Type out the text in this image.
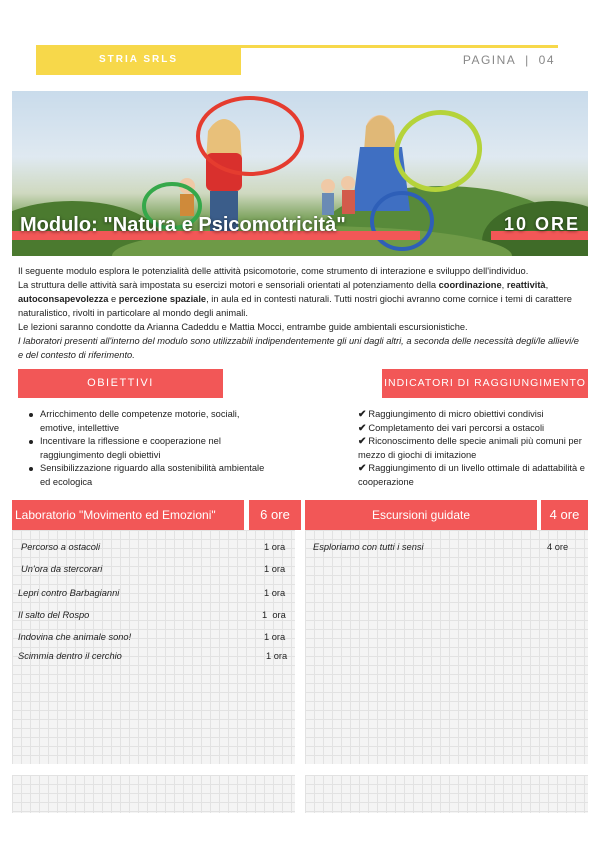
STRIA SRLS	PAGINA | 04
Modulo: "Natura e Psicomotricità"	10 ORE

Il seguente modulo esplora le potenzialità delle attività psicomotorie, come strumento di interazione e sviluppo dell'individuo.

La struttura delle attività sarà impostata su esercizi motori e sensoriali orientati al potenziamento della coordinazione, reattività, autoconsapevolezza e percezione spaziale, in aula ed in contesti naturali. Tutti nostri giochi avranno come cornice i temi di carattere naturalistico, rivolti in particolare al mondo degli animali.

Le lezioni saranno condotte da Arianna Cadeddu e Mattia Mocci, entrambe guide ambientali escursionistiche.

I laboratori presenti all'interno del modulo sono utilizzabili indipendentemente gli uni dagli altri, a seconda delle necessità degli/le allievi/e e del contesto di riferimento.

OBIETTIVI	INDICATORI DI RAGGIUNGIMENTO
Arricchimento delle competenze motorie, sociali, emotive, intellettive
Incentivare la riflessione e cooperazione nel raggiungimento degli obiettivi
Sensibilizzazione riguardo alla sostenibilità ambientale ed ecologica
✔ Raggiungimento di micro obiettivi condivisi
✔ Completamento dei vari percorsi a ostacoli
✔ Riconoscimento delle specie animali più comuni per mezzo di giochi di imitazione
✔ Raggiungimento di un livello ottimale di adattabilità e cooperazione
Laboratorio "Movimento ed Emozioni"	6 ore	Escursioni guidate	4 ore
Percorso a ostacoli	1 ora
Un'ora da stercorari	1 ora
Lepri contro Barbagianni	1 ora
Il salto del Rospo	1  ora
Indovina che animale sono!	1 ora
Scimmia dentro il cerchio	1 ora
Esploriamo con tutti i sensi	4 ore
